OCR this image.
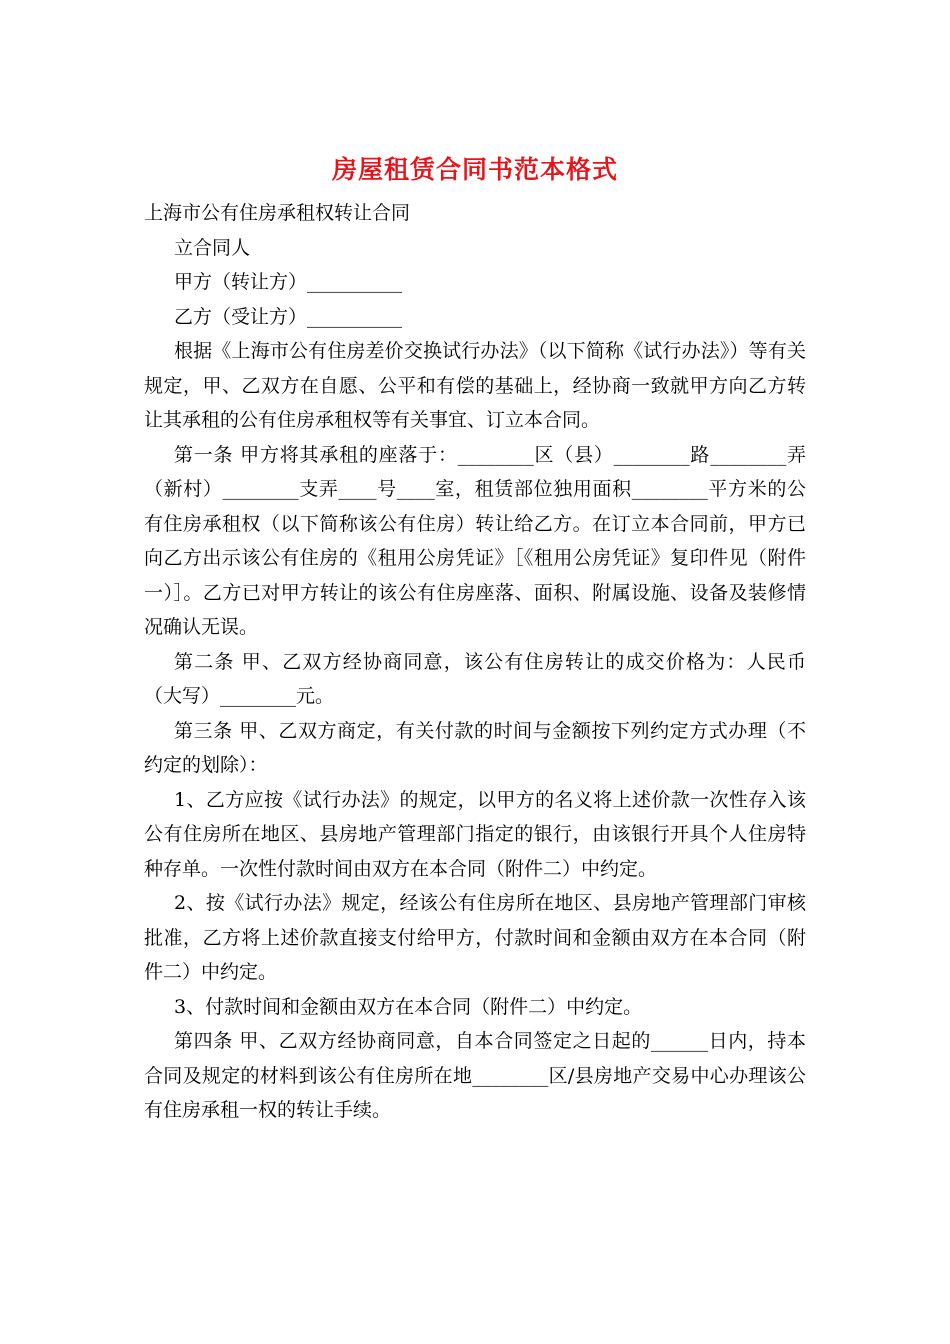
房屋租赁合同书范本格式

上海市公有住房承租权转让合同

立合同人

甲方（转让方）__________

乙方（受让方）__________

根据《上海市公有住房差价交换试行办法》（以下简称《试行办法》）等有关规定，甲、乙双方在自愿、公平和有偿的基础上，经协商一致就甲方向乙方转让其承租的公有住房承租权等有关事宜、订立本合同。

第一条 甲方将其承租的座落于：________区（县）________路________弄（新村）________支弄____号____室，租赁部位独用面积________平方米的公有住房承租权（以下简称该公有住房）转让给乙方。在订立本合同前，甲方已向乙方出示该公有住房的《租用公房凭证》［《租用公房凭证》复印件见（附件一）］。乙方已对甲方转让的该公有住房座落、面积、附属设施、设备及装修情况确认无误。

第二条 甲、乙双方经协商同意，该公有住房转让的成交价格为：人民币（大写）________元。

第三条 甲、乙双方商定，有关付款的时间与金额按下列约定方式办理（不约定的划除）：

1、乙方应按《试行办法》的规定，以甲方的名义将上述价款一次性存入该公有住房所在地区、县房地产管理部门指定的银行，由该银行开具个人住房特种存单。一次性付款时间由双方在本合同（附件二）中约定。

2、按《试行办法》规定，经该公有住房所在地区、县房地产管理部门审核批准，乙方将上述价款直接支付给甲方，付款时间和金额由双方在本合同（附件二）中约定。

3、付款时间和金额由双方在本合同（附件二）中约定。

第四条 甲、乙双方经协商同意，自本合同签定之日起的______日内，持本合同及规定的材料到该公有住房所在地________区/县房地产交易中心办理该公有住房承租一权的转让手续。
